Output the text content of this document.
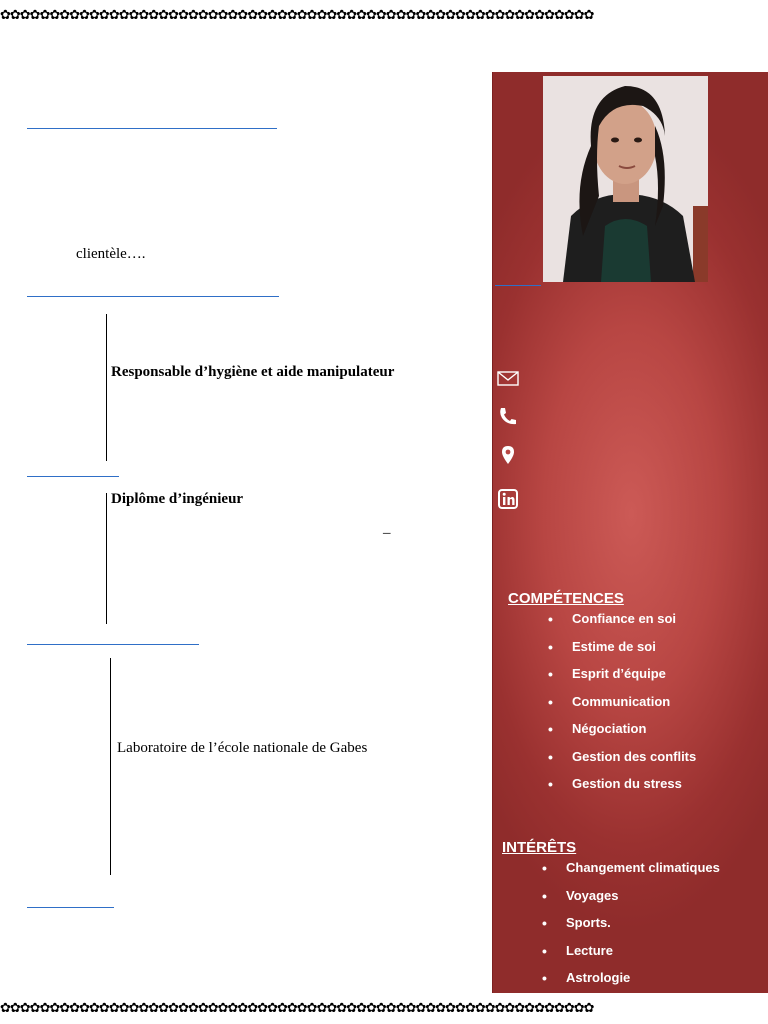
✿✿✿✿✿✿✿✿✿✿✿✿✿✿✿✿✿✿✿✿✿✿✿✿✿✿✿✿✿✿✿✿✿✿✿✿✿✿✿✿✿✿✿✿✿✿✿✿✿✿✿✿✿✿✿✿✿✿✿✿
✿✿✿✿✿✿✿✿✿✿✿✿✿✿✿✿✿✿✿✿✿✿✿✿✿✿✿✿✿✿✿✿✿✿✿✿✿✿✿✿✿✿✿✿✿✿✿✿✿✿✿✿✿✿✿✿✿✿✿✿
clientèle….
Responsable d’hygiène et aide manipulateur
Diplôme d’ingénieur
–
Laboratoire de l’école nationale de Gabes
COMPÉTENCES
• Confiance en soi
• Estime de soi
• Esprit d’équipe
• Communication
• Négociation
• Gestion des conflits
• Gestion du stress
INTÉRÊTS
• Changement climatiques
• Voyages
• Sports.
• Lecture
• Astrologie
